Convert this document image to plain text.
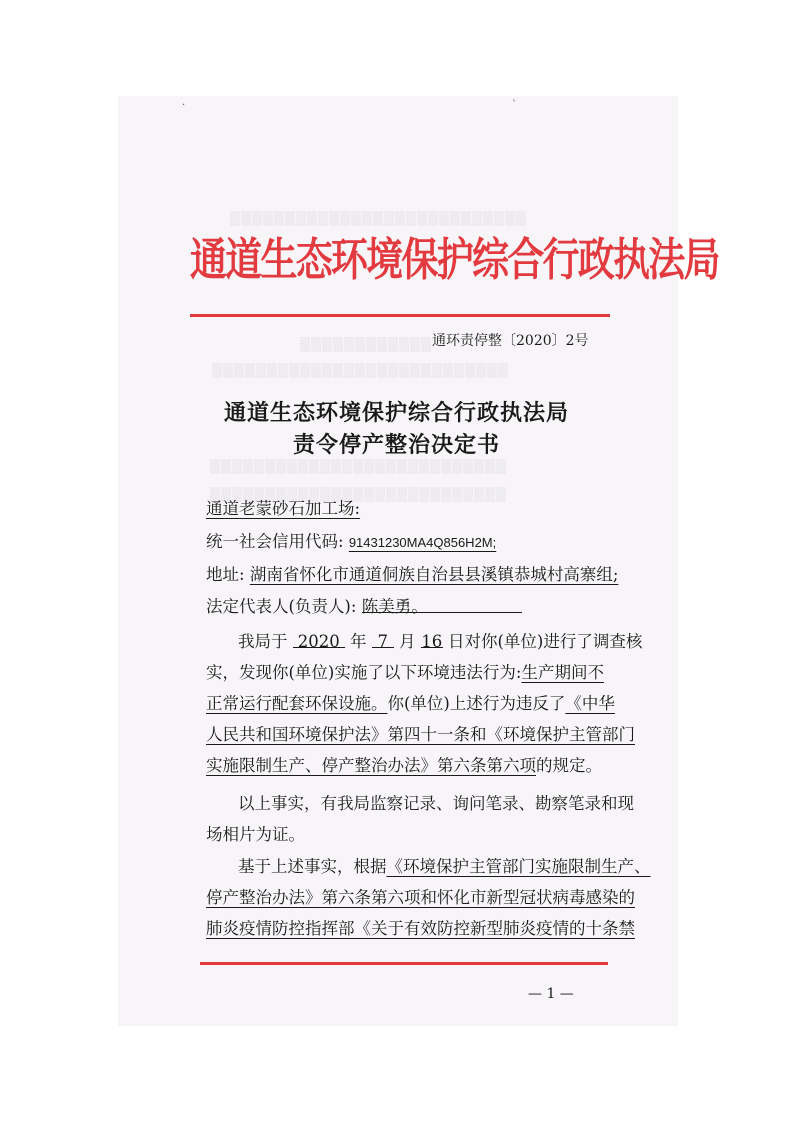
·	`
▒▒▒▒▒▒▒▒▒▒▒▒▒▒▒▒▒▒▒▒▒▒▒▒▒▒▒
▒▒▒▒▒▒▒▒▒▒▒▒
▒▒▒▒▒▒▒▒▒▒▒▒▒▒▒▒▒▒▒▒▒▒▒▒▒▒▒
▒▒▒▒▒▒▒▒▒▒▒▒▒▒▒▒▒▒▒▒▒▒▒▒▒▒▒
▒▒▒▒▒▒▒▒▒▒▒▒▒▒▒▒▒▒▒▒▒▒▒▒▒▒▒
通道生态环境保护综合行政执法局
通环责停整〔2020〕2号
通道生态环境保护综合行政执法局
责令停产整治决定书
通道老蒙砂石加工场:
统一社会信用代码: 91431230MA4Q856H2M;
地址: 湖南省怀化市通道侗族自治县县溪镇恭城村高寨组;
法定代表人(负责人): 陈美勇。
我局于 2020 年 7 月 16 日对你(单位)进行了调查核
实，发现你(单位)实施了以下环境违法行为:生产期间不
正常运行配套环保设施。你(单位)上述行为违反了《中华
人民共和国环境保护法》第四十一条和《环境保护主管部门
实施限制生产、停产整治办法》第六条第六项的规定。
以上事实，有我局监察记录、询问笔录、勘察笔录和现
场相片为证。
基于上述事实，根据《环境保护主管部门实施限制生产、
停产整治办法》第六条第六项和怀化市新型冠状病毒感染的
肺炎疫情防控指挥部《关于有效防控新型肺炎疫情的十条禁
— 1 —
